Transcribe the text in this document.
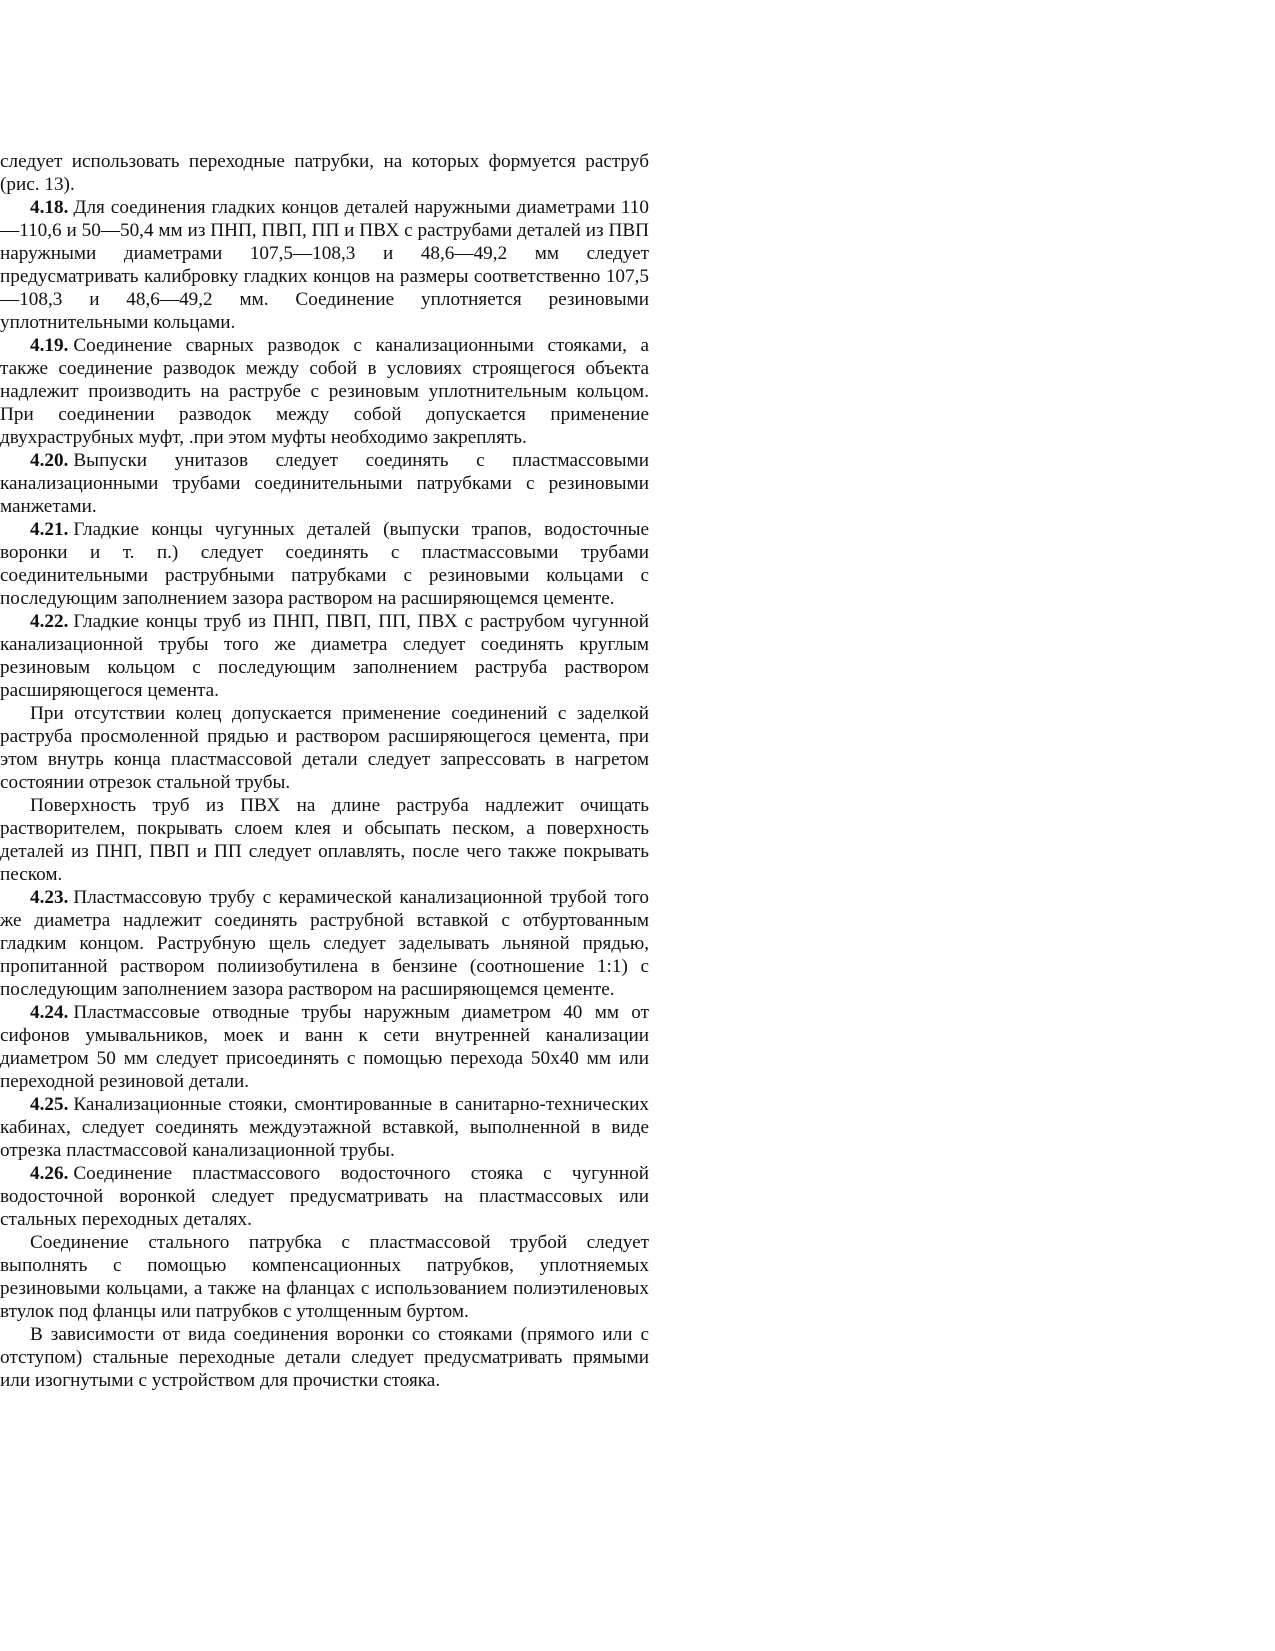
следует использовать переходные патрубки, на которых формуется раструб (рис. 13).

4.18. Для соединения гладких концов деталей наружными диаметрами 110—110,6 и 50—50,4 мм из ПНП, ПВП, ПП и ПВХ с раструбами деталей из ПВП наружными диаметрами 107,5—108,3 и 48,6—49,2 мм следует предусматривать калибровку гладких концов на размеры соответственно 107,5—108,3 и 48,6—49,2 мм. Соединение уплотняется резиновыми уплотнительными кольцами.

4.19. Соединение сварных разводок с канализационными стояками, а также соединение разводок между собой в условиях строящегося объекта надлежит производить на раструбе с резиновым уплотнительным кольцом. При соединении разводок между собой допускается применение двухраструбных муфт, .при этом муфты необходимо закреплять.

4.20. Выпуски унитазов следует соединять с пластмассовыми канализационными трубами соединительными патрубками с резиновыми манжетами.

4.21. Гладкие концы чугунных деталей (выпуски трапов, водосточные воронки и т. п.) следует соединять с пластмассовыми трубами соединительными раструбными патрубками с резиновыми кольцами с последующим заполнением зазора раствором на расширяющемся цементе.

4.22. Гладкие концы труб из ПНП, ПВП, ПП, ПВХ с раструбом чугунной канализационной трубы того же диаметра следует соединять круглым резиновым кольцом с последующим заполнением раструба раствором расширяющегося цемента.

При отсутствии колец допускается применение соединений с заделкой раструба просмоленной прядью и раствором расширяющегося цемента, при этом внутрь конца пластмассовой детали следует запрессовать в нагретом состоянии отрезок стальной трубы.

Поверхность труб из ПВХ на длине раструба надлежит очищать растворителем, покрывать слоем клея и обсыпать песком, а поверхность деталей из ПНП, ПВП и ПП следует оплавлять, после чего также покрывать песком.

4.23. Пластмассовую трубу с керамической канализационной трубой того же диаметра надлежит соединять раструбной вставкой с отбуртованным гладким концом. Раструбную щель следует заделывать льняной прядью, пропитанной раствором полиизобутилена в бензине (соотношение 1:1) с последующим заполнением зазора раствором на расширяющемся цементе.

4.24. Пластмассовые отводные трубы наружным диаметром 40 мм от сифонов умывальников, моек и ванн к сети внутренней канализации диаметром 50 мм следует присоединять с помощью перехода 50х40 мм или переходной резиновой детали.

4.25. Канализационные стояки, смонтированные в санитарно-технических кабинах, следует соединять междуэтажной вставкой, выполненной в виде отрезка пластмассовой канализационной трубы.

4.26. Соединение пластмассового водосточного стояка с чугунной водосточной воронкой следует предусматривать на пластмассовых или стальных переходных деталях.

Соединение стального патрубка с пластмассовой трубой следует выполнять с помощью компенсационных патрубков, уплотняемых резиновыми кольцами, а также на фланцах с использованием полиэтиленовых втулок под фланцы или патрубков с утолщенным буртом.

В зависимости от вида соединения воронки со стояками (прямого или с отступом) стальные переходные детали следует предусматривать прямыми или изогнутыми с устройством для прочистки стояка.
